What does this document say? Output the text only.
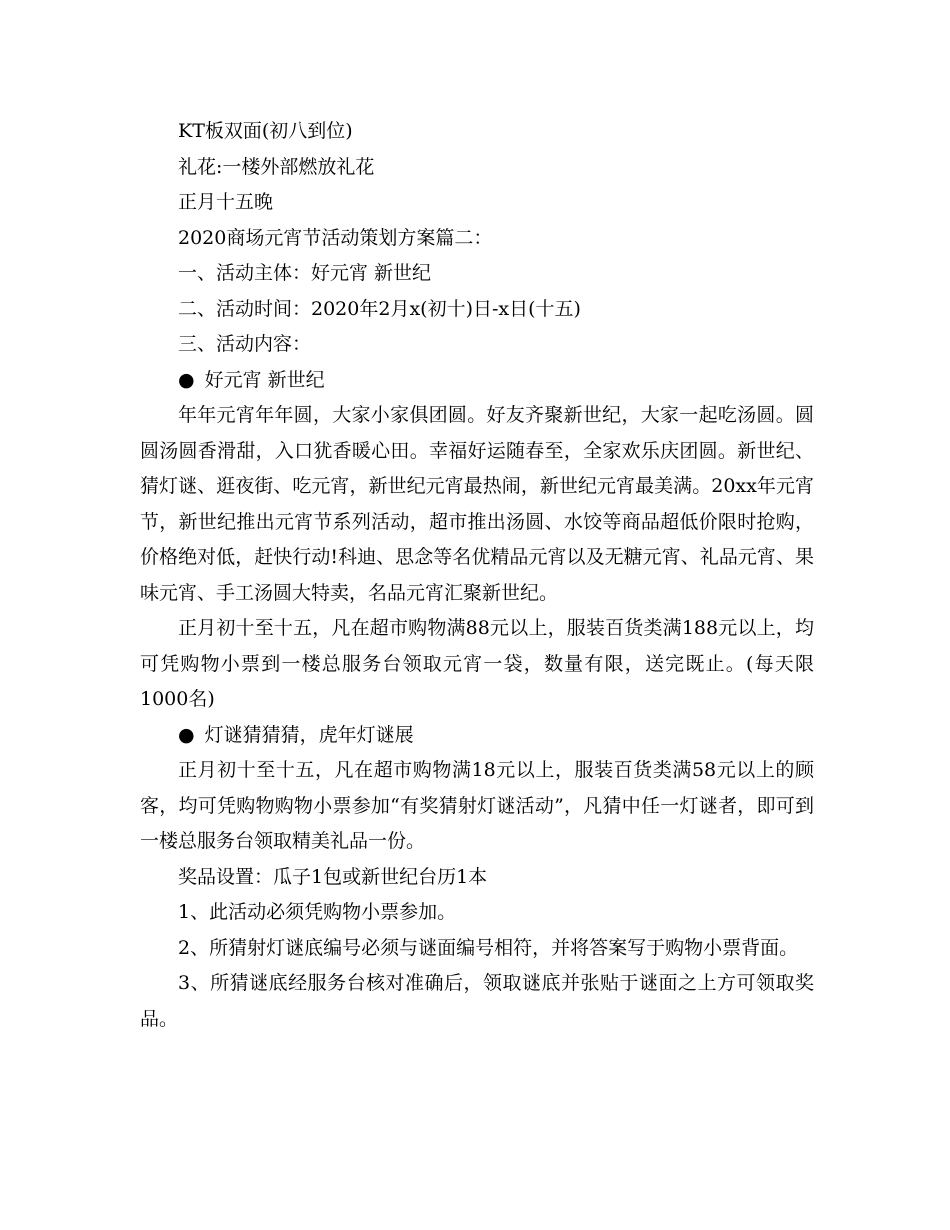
KT板双面(初八到位)

礼花:一楼外部燃放礼花

正月十五晚

2020商场元宵节活动策划方案篇二：

一、活动主体：好元宵 新世纪

二、活动时间：2020年2月x(初十)日-x日(十五)

三、活动内容：

● 好元宵 新世纪

年年元宵年年圆，大家小家俱团圆。好友齐聚新世纪，大家一起吃汤圆。圆圆汤圆香滑甜，入口犹香暖心田。幸福好运随春至，全家欢乐庆团圆。新世纪、猜灯谜、逛夜街、吃元宵，新世纪元宵最热闹，新世纪元宵最美满。20xx年元宵节，新世纪推出元宵节系列活动，超市推出汤圆、水饺等商品超低价限时抢购，价格绝对低，赶快行动!科迪、思念等名优精品元宵以及无糖元宵、礼品元宵、果味元宵、手工汤圆大特卖，名品元宵汇聚新世纪。

正月初十至十五，凡在超市购物满88元以上，服装百货类满188元以上，均可凭购物小票到一楼总服务台领取元宵一袋，数量有限，送完既止。(每天限1000名)

● 灯谜猜猜猜，虎年灯谜展

正月初十至十五，凡在超市购物满18元以上，服装百货类满58元以上的顾客，均可凭购物购物小票参加“有奖猜射灯谜活动”，凡猜中任一灯谜者，即可到一楼总服务台领取精美礼品一份。

奖品设置：瓜子1包或新世纪台历1本

1、此活动必须凭购物小票参加。

2、所猜射灯谜底编号必须与谜面编号相符，并将答案写于购物小票背面。

3、所猜谜底经服务台核对准确后，领取谜底并张贴于谜面之上方可领取奖品。
